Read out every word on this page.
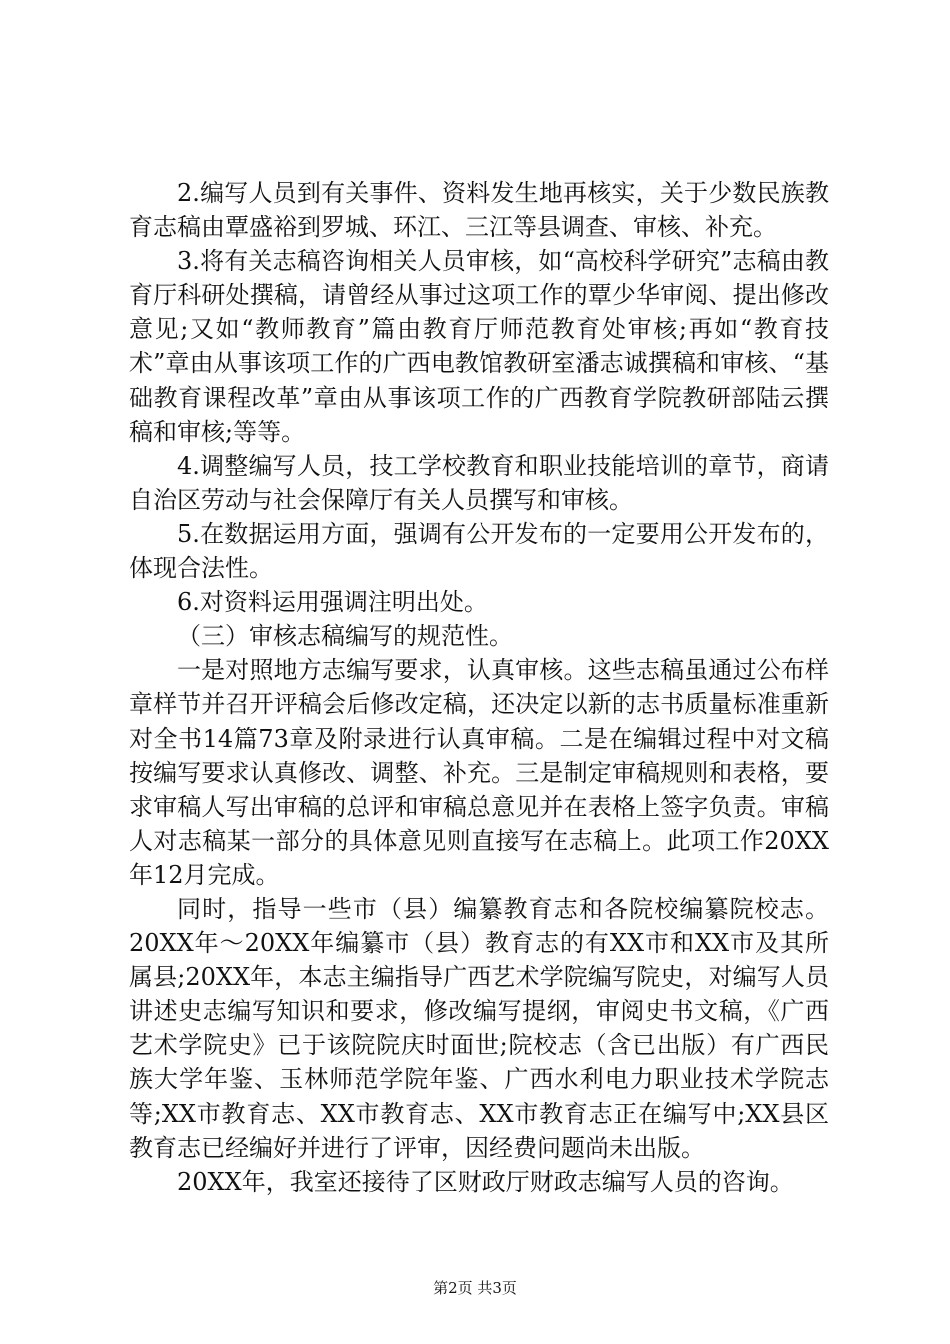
2.编写人员到有关事件、资料发生地再核实，关于少数民族教育志稿由覃盛裕到罗城、环江、三江等县调查、审核、补充。

3.将有关志稿咨询相关人员审核，如“高校科学研究”志稿由教育厅科研处撰稿，请曾经从事过这项工作的覃少华审阅、提出修改意见;又如“教师教育”篇由教育厅师范教育处审核;再如“教育技术”章由从事该项工作的广西电教馆教研室潘志诚撰稿和审核、“基础教育课程改革”章由从事该项工作的广西教育学院教研部陆云撰稿和审核;等等。

4.调整编写人员，技工学校教育和职业技能培训的章节，商请自治区劳动与社会保障厅有关人员撰写和审核。

5.在数据运用方面，强调有公开发布的一定要用公开发布的，体现合法性。

6.对资料运用强调注明出处。

（三）审核志稿编写的规范性。

一是对照地方志编写要求，认真审核。这些志稿虽通过公布样章样节并召开评稿会后修改定稿，还决定以新的志书质量标准重新对全书14篇73章及附录进行认真审稿。二是在编辑过程中对文稿按编写要求认真修改、调整、补充。三是制定审稿规则和表格，要求审稿人写出审稿的总评和审稿总意见并在表格上签字负责。审稿人对志稿某一部分的具体意见则直接写在志稿上。此项工作20XX年12月完成。

同时，指导一些市（县）编纂教育志和各院校编纂院校志。20XX年～20XX年编纂市（县）教育志的有XX市和XX市及其所属县;20XX年，本志主编指导广西艺术学院编写院史，对编写人员讲述史志编写知识和要求，修改编写提纲，审阅史书文稿，《广西艺术学院史》已于该院院庆时面世;院校志（含已出版）有广西民族大学年鉴、玉林师范学院年鉴、广西水利电力职业技术学院志等;XX市教育志、XX市教育志、XX市教育志正在编写中;XX县区教育志已经编好并进行了评审，因经费问题尚未出版。

20XX年，我室还接待了区财政厅财政志编写人员的咨询。

第2页 共3页
